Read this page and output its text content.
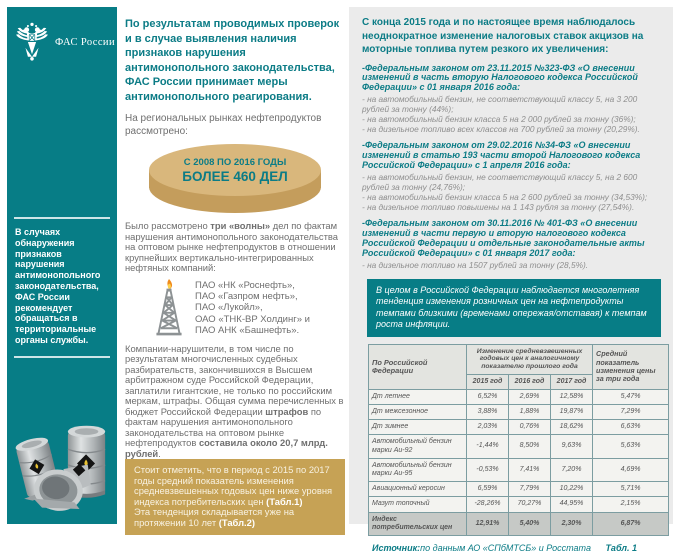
ФАС России
В случаях обнаружения признаков нарушения антимонопольного законодательства, ФАС России рекомендует обращаться в территориальные органы службы.

По результатам проводимых проверок и в случае выявления наличия признаков нарушения антимонопольного законодательства, ФАС России принимает меры антимонопольного реагирования.

На региональных рынках нефтепродуктов рассмотрено:

С 2008 ПО 2016 ГОДЫ
БОЛЕЕ 460 ДЕЛ

Было рассмотрено три «волны» дел по фактам нарушения антимонопольного законодательства на оптовом рынке нефтепродуктов в отношении крупнейших вертикально-интегрированных нефтяных компаний:

ПАО «НК «Роснефть»,
ПАО «Газпром нефть»,
ПАО «Лукойл»,
ОАО «ТНК-ВР Холдинг» и
ПАО АНК «Башнефть».

Компании-нарушители, в том числе по результатам многочисленных судебных разбирательств, закончившихся в Высшем арбитражном суде Российской Федерации, заплатили гигантские, не только по российским меркам, штрафы. Общая сумма перечисленных в бюджет Российской Федерации штрафов по фактам нарушения антимонопольного законодательства на оптовом рынке нефтепродуктов составила около 20,7 млрд. рублей.

Стоит отметить, что в период с 2015 по 2017 годы средний показатель изменения средневзвешенных годовых цен ниже уровня индекса потребительских цен (Табл.1)

Эта тенденция складывается уже на протяжении 10 лет (Табл.2)

С конца 2015 года и по настоящее время наблюдалось неоднократное изменение налоговых ставок акцизов на моторные топлива путем резкого их увеличения:

-Федеральным законом от 23.11.2015 №323-ФЗ «О внесении изменений в часть вторую Налогового кодекса Российской Федерации» с 01 января 2016 года:

- на автомобильный бензин, не соответствующий классу 5, на 3 200 рублей за тонну (44%);
- на автомобильный бензин класса 5 на 2 000 рублей за тонну (36%);
- на дизельное топливо всех классов на 700 рублей за тонну (20,29%).

-Федеральным законом от 29.02.2016 №34-ФЗ «О внесении изменений в статью 193 части второй Налогового кодекса Российской Федерации» с 1 апреля 2016 года:

- на автомобильный бензин, не соответствующий классу 5, на 2 600 рублей за тонну (24,76%);
- на автомобильный бензин класса 5 на 2 600 рублей за тонну (34,53%);
- на дизельное топливо повышены на 1 143 рубля за тонну (27,54%).

-Федеральным законом от 30.11.2016 № 401-ФЗ «О внесении изменений в части первую и вторую налогового кодекса Российской Федерации и отдельные законодательные акты Российской Федерации» с 01 января 2017 года:

- на дизельное топливо на 1507 рублей за тонну (28,5%).
В целом в Российской Федерации наблюдается многолетняя тенденция изменения розничных цен на нефтепродукты темпами близкими (временами опережая/отставая) к темпам роста инфляции.
По Российской Федерации	Изменение средневзвешенных годовых цен к аналогичному показателю прошлого года			Средний показатель изменения цены за три года
	2015 год	2016 год	2017 год	
Дт летнее	6,52%	2,69%	12,58%	5,47%
Дт межсезонное	3,88%	1,88%	19,87%	7,29%
Дт зимнее	2,03%	0,76%	18,62%	6,63%
Автомобильный бензин марки Аи-92	-1,44%	8,50%	9,63%	5,63%
Автомобильный бензин марки Аи-95	-0,53%	7,41%	7,20%	4,69%
Авиационный керосин	6,59%	7,79%	10,22%	5,71%
Мазут топочный	-28,26%	70,27%	44,95%	2,15%
Индекс потребительских цен	12,91%	5,40%	2,30%	6,87%
Источник: по данным АО «СПбМТСБ» и Росстата Табл. 1
